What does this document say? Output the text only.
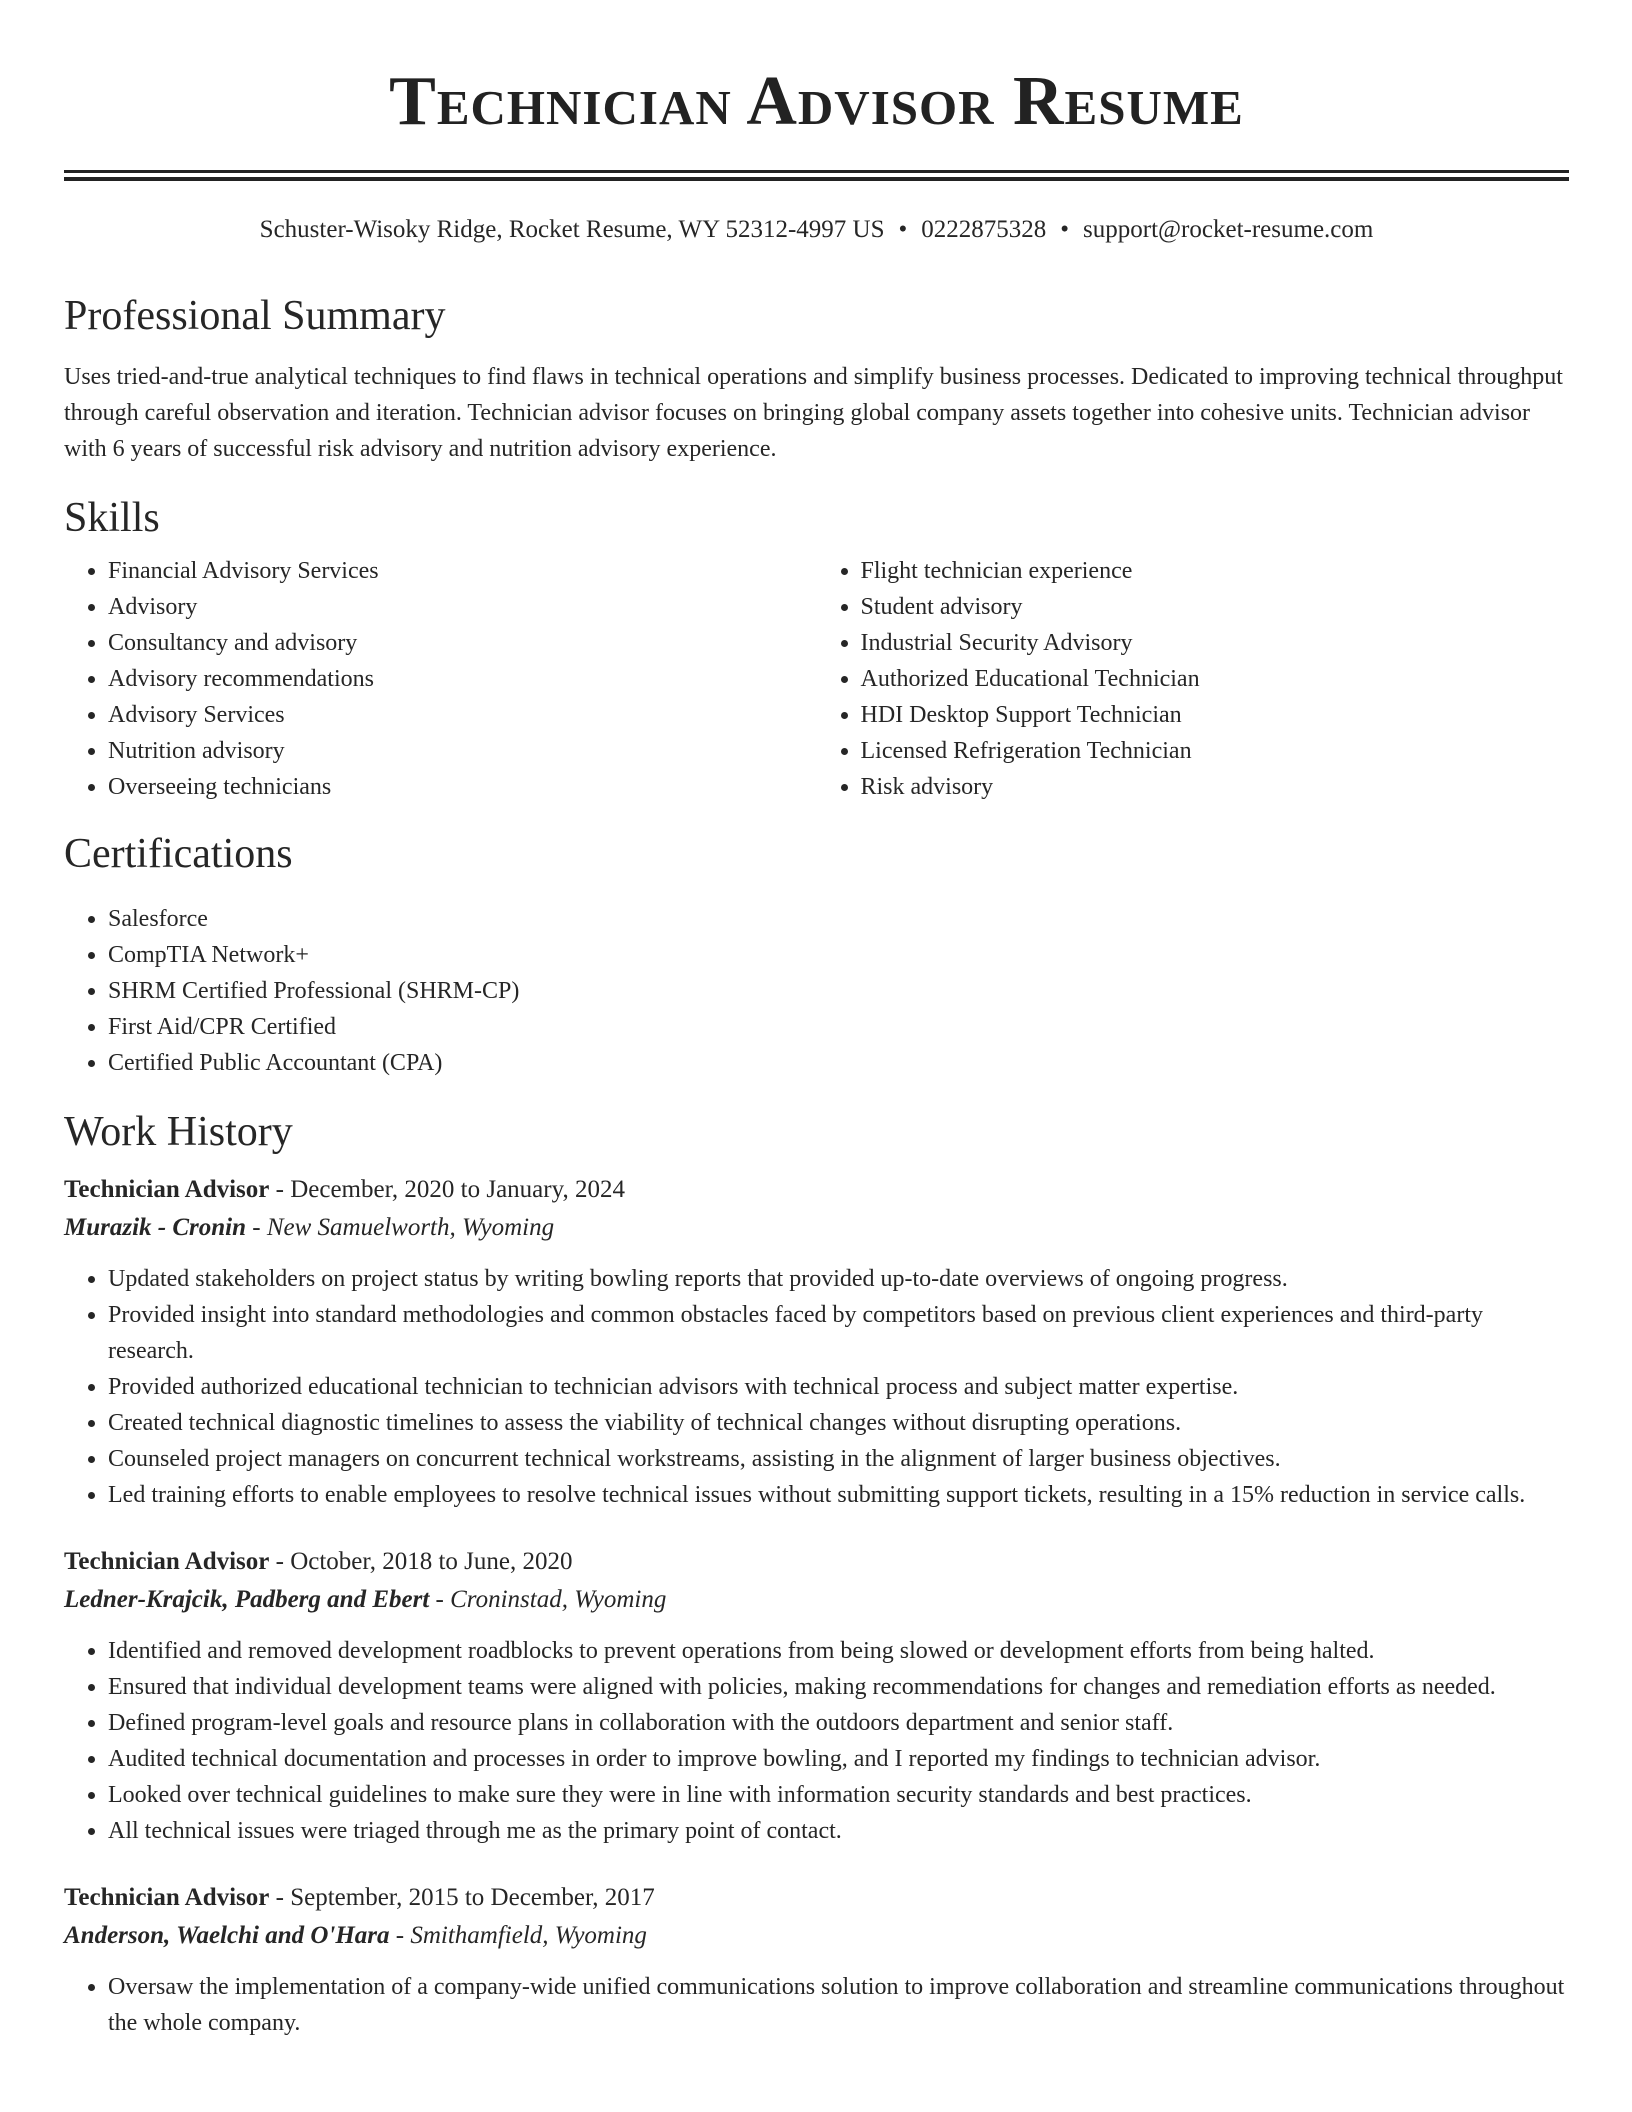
Technician Advisor Resume
Schuster-Wisoky Ridge, Rocket Resume, WY 52312-4997 US • 0222875328 • support@rocket-resume.com
Professional Summary

Uses tried-and-true analytical techniques to find flaws in technical operations and simplify business processes. Dedicated to improving technical throughput through careful observation and iteration. Technician advisor focuses on bringing global company assets together into cohesive units. Technician advisor with 6 years of successful risk advisory and nutrition advisory experience.

Skills
• Financial Advisory Services
• Advisory
• Consultancy and advisory
• Advisory recommendations
• Advisory Services
• Nutrition advisory
• Overseeing technicians
• Flight technician experience
• Student advisory
• Industrial Security Advisory
• Authorized Educational Technician
• HDI Desktop Support Technician
• Licensed Refrigeration Technician
• Risk advisory
Certifications
• Salesforce
• CompTIA Network+
• SHRM Certified Professional (SHRM-CP)
• First Aid/CPR Certified
• Certified Public Accountant (CPA)
Work History
Technician Advisor - December, 2020 to January, 2024
Murazik - Cronin - New Samuelworth, Wyoming
• Updated stakeholders on project status by writing bowling reports that provided up-to-date overviews of ongoing progress.
• Provided insight into standard methodologies and common obstacles faced by competitors based on previous client experiences and third-party research.
• Provided authorized educational technician to technician advisors with technical process and subject matter expertise.
• Created technical diagnostic timelines to assess the viability of technical changes without disrupting operations.
• Counseled project managers on concurrent technical workstreams, assisting in the alignment of larger business objectives.
• Led training efforts to enable employees to resolve technical issues without submitting support tickets, resulting in a 15% reduction in service calls.
Technician Advisor - October, 2018 to June, 2020
Ledner-Krajcik, Padberg and Ebert - Croninstad, Wyoming
• Identified and removed development roadblocks to prevent operations from being slowed or development efforts from being halted.
• Ensured that individual development teams were aligned with policies, making recommendations for changes and remediation efforts as needed.
• Defined program-level goals and resource plans in collaboration with the outdoors department and senior staff.
• Audited technical documentation and processes in order to improve bowling, and I reported my findings to technician advisor.
• Looked over technical guidelines to make sure they were in line with information security standards and best practices.
• All technical issues were triaged through me as the primary point of contact.
Technician Advisor - September, 2015 to December, 2017
Anderson, Waelchi and O'Hara - Smithamfield, Wyoming
• Oversaw the implementation of a company-wide unified communications solution to improve collaboration and streamline communications throughout the whole company.
